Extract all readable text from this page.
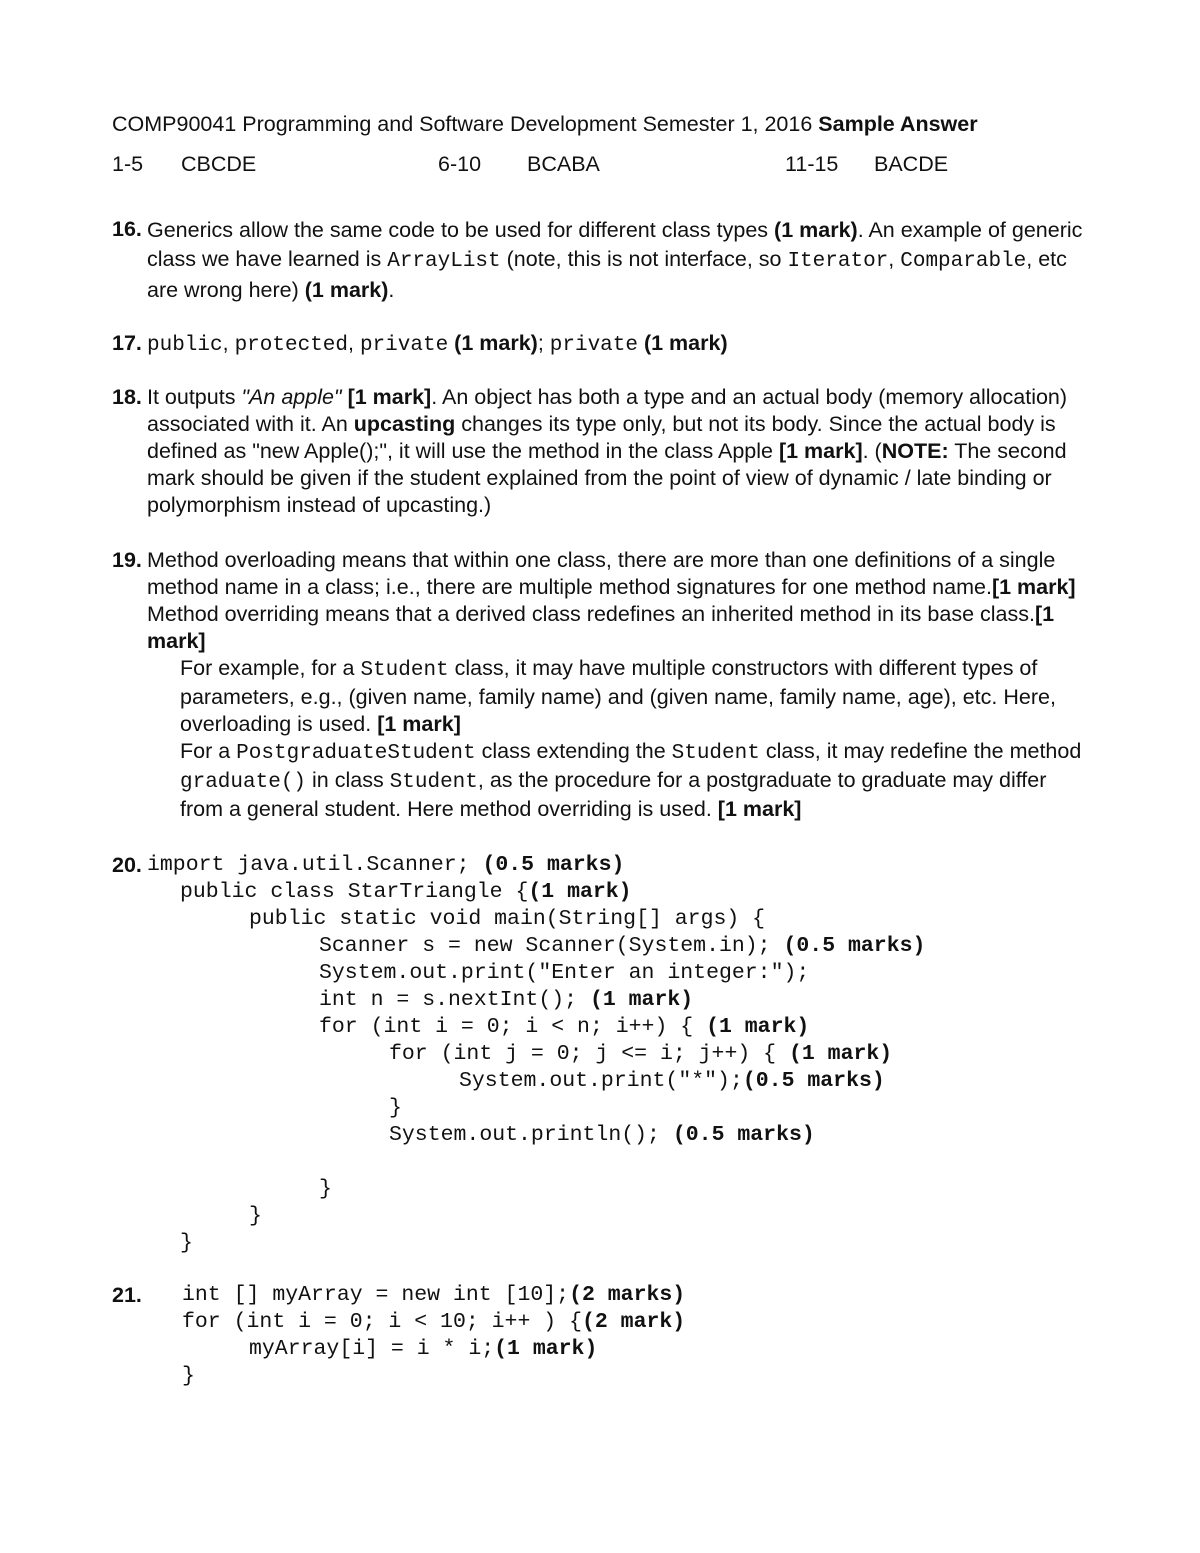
COMP90041 Programming and Software Development Semester 1, 2016 Sample Answer
1-5 CBCDE	6-10 BCABA	11-15 BACDE
16. Generics allow the same code to be used for different class types (1 mark). An example of generic class we have learned is ArrayList (note, this is not interface, so Iterator, Comparable, etc are wrong here) (1 mark).
17. public, protected, private (1 mark); private (1 mark)
18. It outputs "An apple" [1 mark]. An object has both a type and an actual body (memory allocation) associated with it. An upcasting changes its type only, but not its body. Since the actual body is defined as "new Apple();", it will use the method in the class Apple [1 mark]. (NOTE: The second mark should be given if the student explained from the point of view of dynamic / late binding or polymorphism instead of upcasting.)
19. Method overloading means that within one class, there are more than one definitions of a single method name in a class; i.e., there are multiple method signatures for one method name.[1 mark] Method overriding means that a derived class redefines an inherited method in its base class.[1 mark]
For example, for a Student class, it may have multiple constructors with different types of parameters, e.g., (given name, family name) and (given name, family name, age), etc. Here, overloading is used. [1 mark]
For a PostgraduateStudent class extending the Student class, it may redefine the method graduate() in class Student, as the procedure for a postgraduate to graduate may differ from a general student. Here method overriding is used. [1 mark]
20. import java.util.Scanner; (0.5 marks)
public class StarTriangle {(1 mark)
public static void main(String[] args) {
Scanner s = new Scanner(System.in); (0.5 marks)
System.out.print("Enter an integer:");
int n = s.nextInt(); (1 mark)
for (int i = 0; i < n; i++) { (1 mark)
for (int j = 0; j <= i; j++) { (1 mark)
System.out.print("*");(0.5 marks)
}
System.out.println(); (0.5 marks)
}
}
}
21. int [] myArray = new int [10];(2 marks)
for (int i = 0; i < 10; i++ ) {(2 mark)
myArray[i] = i * i;(1 mark)
}
